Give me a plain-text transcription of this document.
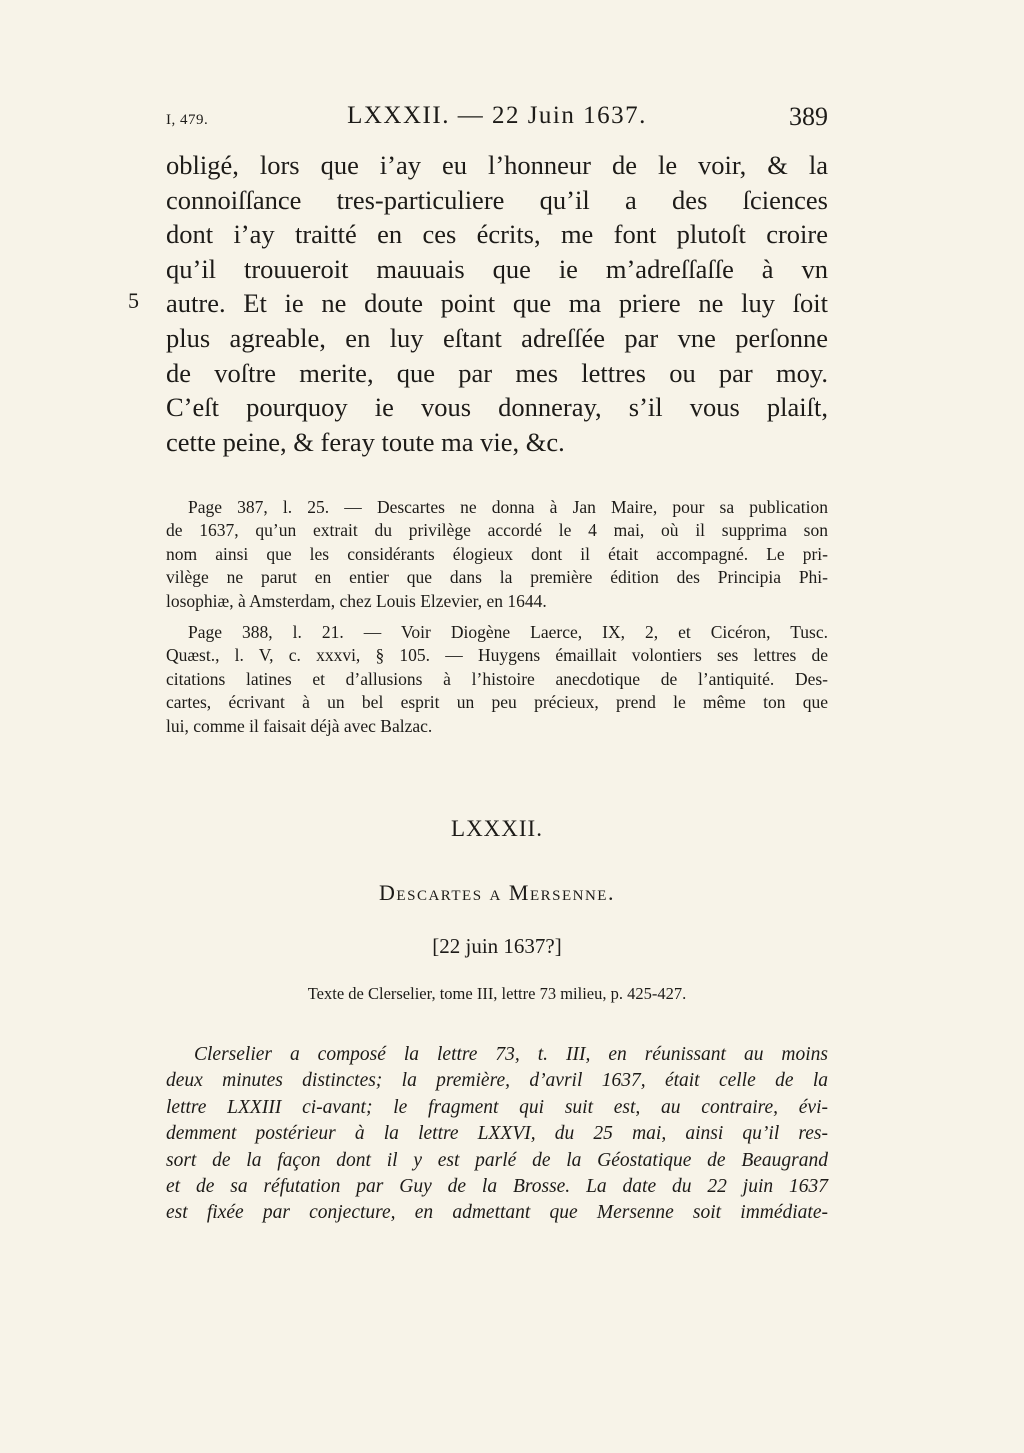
I, 479.	LXXXII. — 22 Juin 1637.	389
5
obligé, lors que i’ay eu l’honneur de le voir, & la
connoiſſance tres-particuliere qu’il a des ſciences
dont i’ay traitté en ces écrits, me font plutoſt croire
qu’il trouueroit mauuais que ie m’adreſſaſſe à vn
autre. Et ie ne doute point que ma priere ne luy ſoit
plus agreable, en luy eſtant adreſſée par vne perſonne
de voſtre merite, que par mes lettres ou par moy.
C’eſt pourquoy ie vous donneray, s’il vous plaiſt,
cette peine, & feray toute ma vie, &c.
Page 387, l. 25. — Descartes ne donna à Jan Maire, pour sa publication
de 1637, qu’un extrait du privilège accordé le 4 mai, où il supprima son
nom ainsi que les considérants élogieux dont il était accompagné. Le pri-
vilège ne parut en entier que dans la première édition des Principia Phi-
losophiæ, à Amsterdam, chez Louis Elzevier, en 1644.
Page 388, l. 21. — Voir Diogène Laerce, IX, 2, et Cicéron, Tusc.
Quæst., l. V, c. xxxvi, § 105. — Huygens émaillait volontiers ses lettres de
citations latines et d’allusions à l’histoire anecdotique de l’antiquité. Des-
cartes, écrivant à un bel esprit un peu précieux, prend le même ton que
lui, comme il faisait déjà avec Balzac.
LXXXII.
Descartes a Mersenne.
[22 juin 1637?]
Texte de Clerselier, tome III, lettre 73 milieu, p. 425-427.
Clerselier a composé la lettre 73, t. III, en réunissant au moins
deux minutes distinctes; la première, d’avril 1637, était celle de la
lettre LXXIII ci-avant; le fragment qui suit est, au contraire, évi-
demment postérieur à la lettre LXXVI, du 25 mai, ainsi qu’il res-
sort de la façon dont il y est parlé de la Géostatique de Beaugrand
et de sa réfutation par Guy de la Brosse. La date du 22 juin 1637
est fixée par conjecture, en admettant que Mersenne soit immédiate-
